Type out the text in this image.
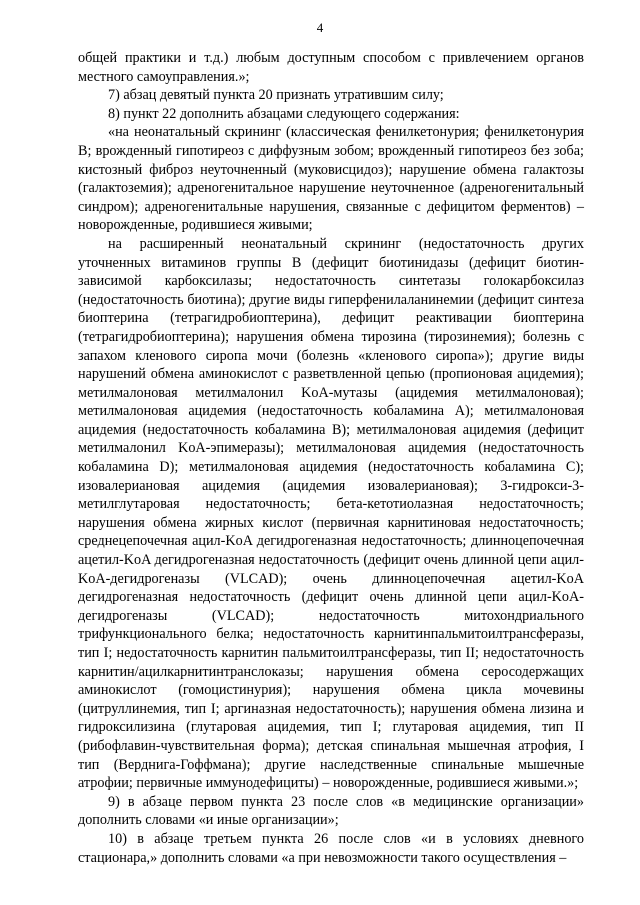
4

общей практики и т.д.) любым доступным способом с привлечением органов местного самоуправления.»;

7) абзац девятый пункта 20 признать утратившим силу;

8) пункт 22 дополнить абзацами следующего содержания:

«на неонатальный скрининг (классическая фенилкетонурия; фенилкетонурия B; врожденный гипотиреоз с диффузным зобом; врожденный гипотиреоз без зоба; кистозный фиброз неуточненный (муковисцидоз); нарушение обмена галактозы (галактоземия); адреногенитальное нарушение неуточненное (адреногенитальный синдром); адреногенитальные нарушения, связанные с дефицитом ферментов) – новорожденные, родившиеся живыми;

на расширенный неонатальный скрининг (недостаточность других уточненных витаминов группы B (дефицит биотинидазы (дефицит биотин-зависимой карбоксилазы; недостаточность синтетазы голокарбоксилаз (недостаточность биотина); другие виды гиперфенилаланинемии (дефицит синтеза биоптерина (тетрагидробиоптерина), дефицит реактивации биоптерина (тетрагидробиоптерина); нарушения обмена тирозина (тирозинемия); болезнь с запахом кленового сиропа мочи (болезнь «кленового сиропа»); другие виды нарушений обмена аминокислот с разветвленной цепью (пропионовая ацидемия); метилмалоновая метилмалонил KoA-мутазы (ацидемия метилмалоновая); метилмалоновая ацидемия (недостаточность кобаламина A); метилмалоновая ацидемия (недостаточность кобаламина B); метилмалоновая ацидемия (дефицит метилмалонил KoA-эпимеразы); метилмалоновая ацидемия (недостаточность кобаламина D); метилмалоновая ацидемия (недостаточность кобаламина C); изовалериановая ацидемия (ацидемия изовалериановая); 3-гидрокси-3-метилглутаровая недостаточность; бета-кетотиолазная недостаточность; нарушения обмена жирных кислот (первичная карнитиновая недостаточность; среднецепочечная ацил-KoA дегидрогеназная недостаточность; длинноцепочечная ацетил-KoA дегидрогеназная недостаточность (дефицит очень длинной цепи ацил-KoA-дегидрогеназы (VLCAD); очень длинноцепочечная ацетил-KoA дегидрогеназная недостаточность (дефицит очень длинной цепи ацил-KoA-дегидрогеназы (VLCAD); недостаточность митохондриального трифункционального белка; недостаточность карнитинпальмитоилтрансферазы, тип I; недостаточность карнитин пальмитоилтрансферазы, тип II; недостаточность карнитин/ацилкарнитинтранслоказы; нарушения обмена серосодержащих аминокислот (гомоцистинурия); нарушения обмена цикла мочевины (цитруллинемия, тип I; аргиназная недостаточность); нарушения обмена лизина и гидроксилизина (глутаровая ацидемия, тип I; глутаровая ацидемия, тип II (рибофлавин-чувствительная форма); детская спинальная мышечная атрофия, I тип (Верднига-Гоффмана); другие наследственные спинальные мышечные атрофии; первичные иммунодефициты) – новорожденные, родившиеся живыми.»;

9) в абзаце первом пункта 23 после слов «в медицинские организации» дополнить словами «и иные организации»;

10) в абзаце третьем пункта 26 после слов «и в условиях дневного стационара,» дополнить словами «а при невозможности такого осуществления –
